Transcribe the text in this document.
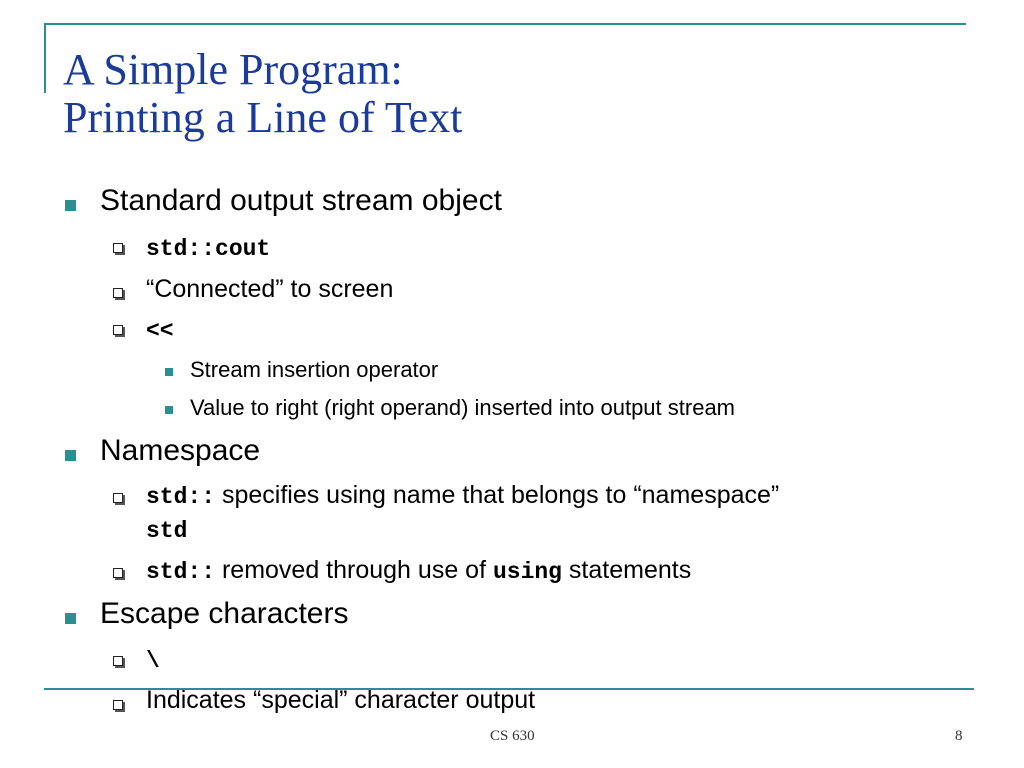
A Simple Program:
Printing a Line of Text
Standard output stream object
std::cout
“Connected” to screen
<<
Stream insertion operator
Value to right (right operand) inserted into output stream
Namespace
std:: specifies using name that belongs to “namespace”
std
std:: removed through use of using statements
Escape characters
\
Indicates “special” character output
CS 630	8
